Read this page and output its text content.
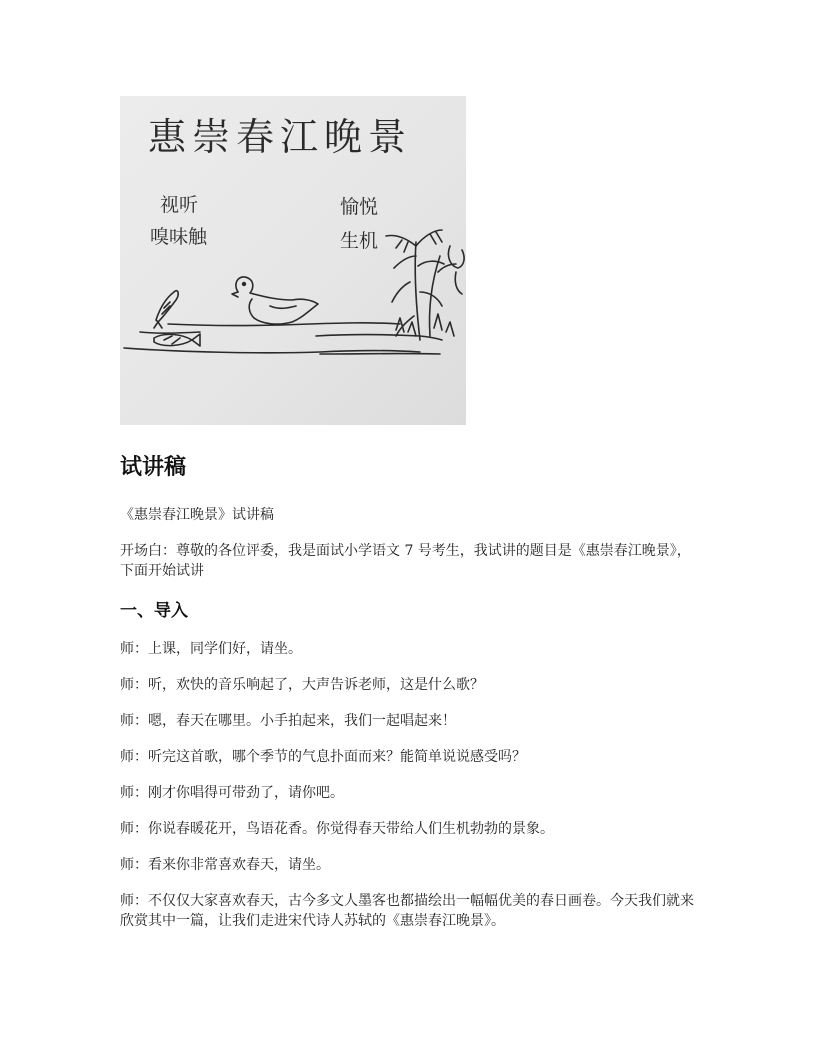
惠崇春江晚景
视听
嗅味触
愉悦
生机
试讲稿

《惠崇春江晚景》试讲稿

开场白：尊敬的各位评委，我是面试小学语文 7 号考生，我试讲的题目是《惠崇春江晚景》，下面开始试讲

一、导入

师：上课，同学们好，请坐。

师：听，欢快的音乐响起了，大声告诉老师，这是什么歌？

师：嗯，春天在哪里。小手拍起来，我们一起唱起来！

师：听完这首歌，哪个季节的气息扑面而来？能简单说说感受吗？

师：刚才你唱得可带劲了，请你吧。

师：你说春暖花开，鸟语花香。你觉得春天带给人们生机勃勃的景象。

师：看来你非常喜欢春天，请坐。

师：不仅仅大家喜欢春天，古今多文人墨客也都描绘出一幅幅优美的春日画卷。今天我们就来欣赏其中一篇，让我们走进宋代诗人苏轼的《惠崇春江晚景》。
